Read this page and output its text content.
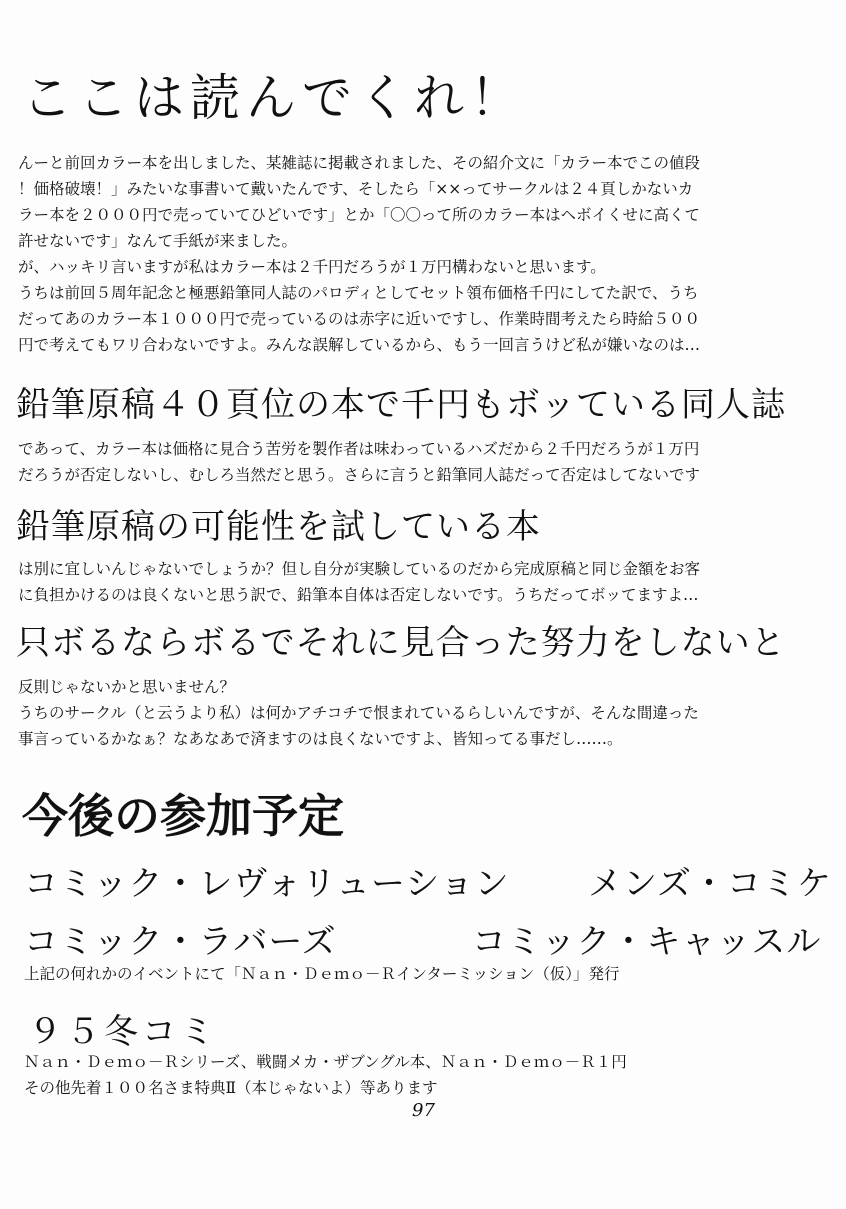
ここは読んでくれ！

んーと前回カラー本を出しました、某雑誌に掲載されました、その紹介文に「カラー本でこの値段

！価格破壊！」みたいな事書いて戴いたんです、そしたら「××ってサークルは２４頁しかないカ

ラー本を２０００円で売っていてひどいです」とか「〇〇って所のカラー本はヘボイくせに高くて

許せないです」なんて手紙が来ました。

が、ハッキリ言いますが私はカラー本は２千円だろうが１万円構わないと思います。

うちは前回５周年記念と極悪鉛筆同人誌のパロディとしてセット領布価格千円にしてた訳で、うち

だってあのカラー本１０００円で売っているのは赤字に近いですし、作業時間考えたら時給５００

円で考えてもワリ合わないですよ。みんな誤解しているから、もう一回言うけど私が嫌いなのは…

鉛筆原稿４０頁位の本で千円もボッている同人誌

であって、カラー本は価格に見合う苦労を製作者は味わっているハズだから２千円だろうが１万円

だろうが否定しないし、むしろ当然だと思う。さらに言うと鉛筆同人誌だって否定はしてないです

鉛筆原稿の可能性を試している本

は別に宜しいんじゃないでしょうか？但し自分が実験しているのだから完成原稿と同じ金額をお客

に負担かけるのは良くないと思う訳で、鉛筆本自体は否定しないです。うちだってボッてますよ…

只ボるならボるでそれに見合った努力をしないと

反則じゃないかと思いません？

うちのサークル（と云うより私）は何かアチコチで恨まれているらしいんですが、そんな間違った

事言っているかなぁ？なあなあで済ますのは良くないですよ、皆知ってる事だし……。

今後の参加予定
コミック・レヴォリューション メンズ・コミケ
コミック・ラバーズ	コミック・キャッスル
上記の何れかのイベントにて「Ｎａｎ・Ｄｅｍｏ－Ｒインターミッション（仮）」発行
９５冬コミ
Ｎａｎ・Ｄｅｍｏ－Ｒシリーズ、戦闘メカ・ザブングル本、Ｎａｎ・Ｄｅｍｏ－Ｒ１円
その他先着１００名さま特典Ⅱ（本じゃないよ）等あります
97
